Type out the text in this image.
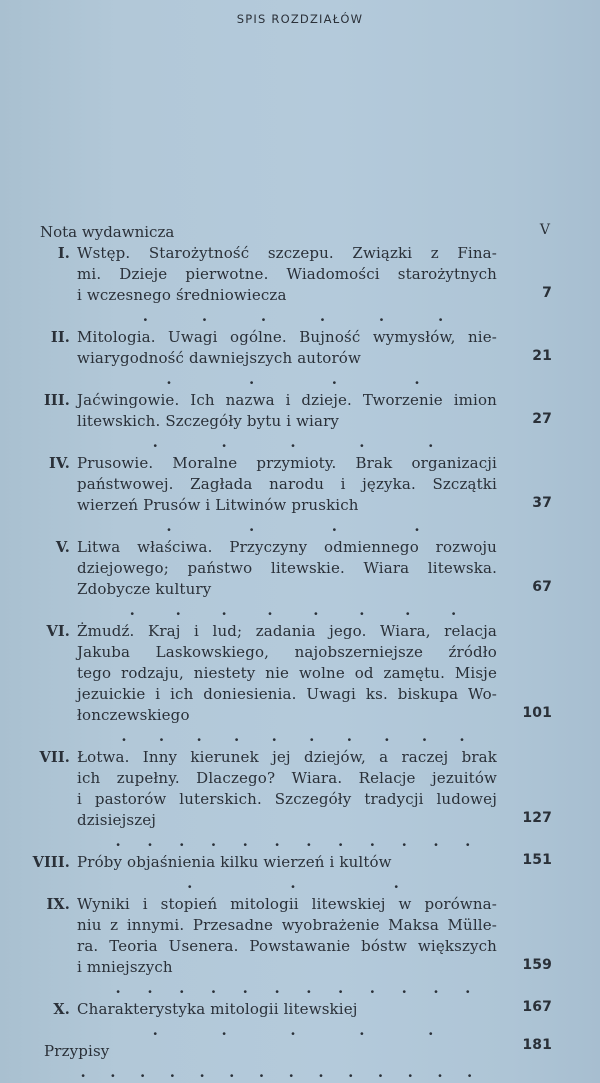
SPIS ROZDZIAŁÓW
Nota wydawnicza	V
I. Wstęp. Starożytność szczepu. Związki z Fina-
mi. Dzieje pierwotne. Wiadomości starożytnych
i wczesnego średniowiecza
.	.	.	.	.	.
7
II. Mitologia. Uwagi ogólne. Bujność wymysłów, nie-
wiarygodność dawniejszych autorów
.	.	.	.
21
III. Jaćwingowie. Ich nazwa i dzieje. Tworzenie imion
litewskich. Szczegóły bytu i wiary
.	.	.	.	.
27
IV. Prusowie. Moralne przymioty. Brak organizacji
państwowej. Zagłada narodu i języka. Szczątki
wierzeń Prusów i Litwinów pruskich
.	.	.	.
37
V. Litwa właściwa. Przyczyny odmiennego rozwoju
dziejowego; państwo litewskie. Wiara litewska.
Zdobycze kultury
.	.	.	.	.	.	.	.
67
VI. Żmudź. Kraj i lud; zadania jego. Wiara, relacja
Jakuba Laskowskiego, najobszerniejsze źródło
tego rodzaju, niestety nie wolne od zamętu. Misje
jezuickie i ich doniesienia. Uwagi ks. biskupa Wo-
łonczewskiego
. . . . . . . . . .
101
VII. Łotwa. Inny kierunek jej dziejów, a raczej brak
ich zupełny. Dlaczego? Wiara. Relacje jezuitów
i pastorów luterskich. Szczegóły tradycji ludowej
dzisiejszej
. . . . . . . . . . . .
127
VIII. Próby objaśnienia kilku wierzeń i kultów
.	.	.
151
IX. Wyniki i stopień mitologii litewskiej w porówna-
niu z innymi. Przesadne wyobrażenie Maksa Mülle-
ra. Teoria Usenera. Powstawanie bóstw większych
i mniejszych
. . . . . . . . . . . .
159
X. Charakterystyka mitologii litewskiej
.	.	.	.	.
167
Przypisy
. . . . . . . . . . . . . .
181
